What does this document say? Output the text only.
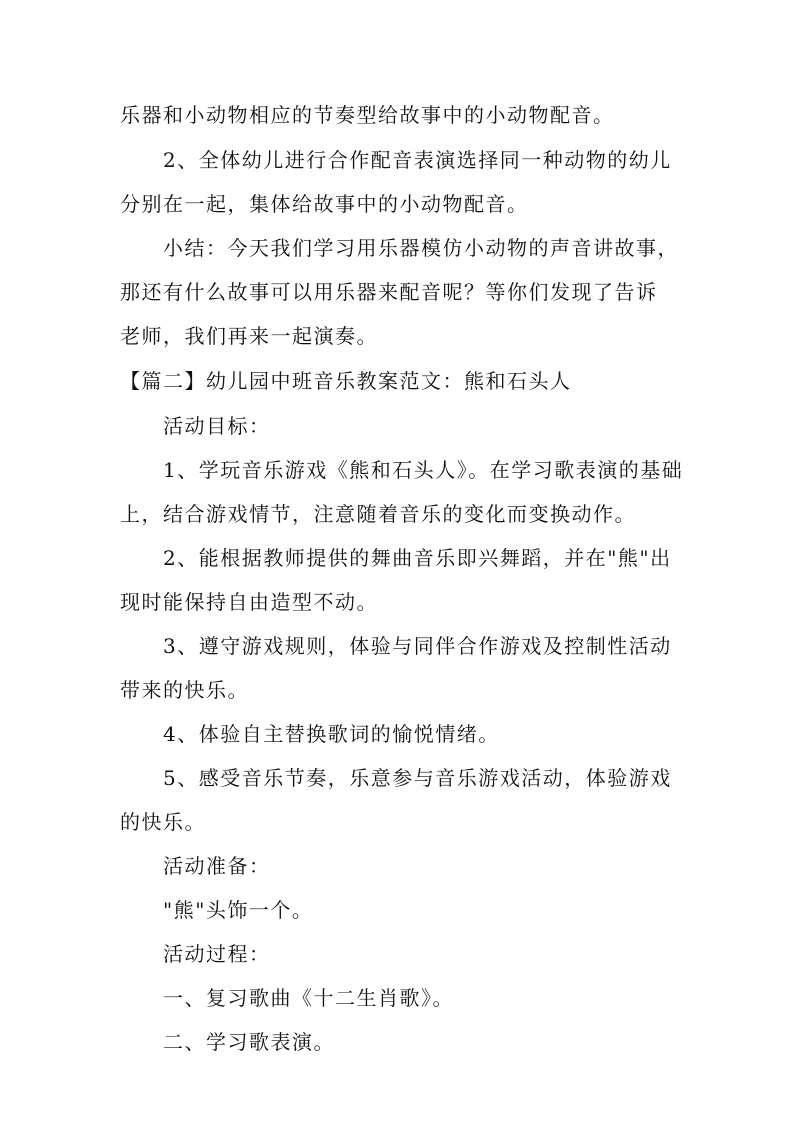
乐器和小动物相应的节奏型给故事中的小动物配音。
2、全体幼儿进行合作配音表演选择同一种动物的幼儿
分别在一起，集体给故事中的小动物配音。
小结：今天我们学习用乐器模仿小动物的声音讲故事，
那还有什么故事可以用乐器来配音呢？等你们发现了告诉
老师，我们再来一起演奏。
【篇二】幼儿园中班音乐教案范文：熊和石头人
活动目标：
1、学玩音乐游戏《熊和石头人》。在学习歌表演的基础
上，结合游戏情节，注意随着音乐的变化而变换动作。
2、能根据教师提供的舞曲音乐即兴舞蹈，并在"熊"出
现时能保持自由造型不动。
3、遵守游戏规则，体验与同伴合作游戏及控制性活动
带来的快乐。
4、体验自主替换歌词的愉悦情绪。
5、感受音乐节奏，乐意参与音乐游戏活动，体验游戏
的快乐。
活动准备：
"熊"头饰一个。
活动过程：
一、复习歌曲《十二生肖歌》。
二、学习歌表演。
